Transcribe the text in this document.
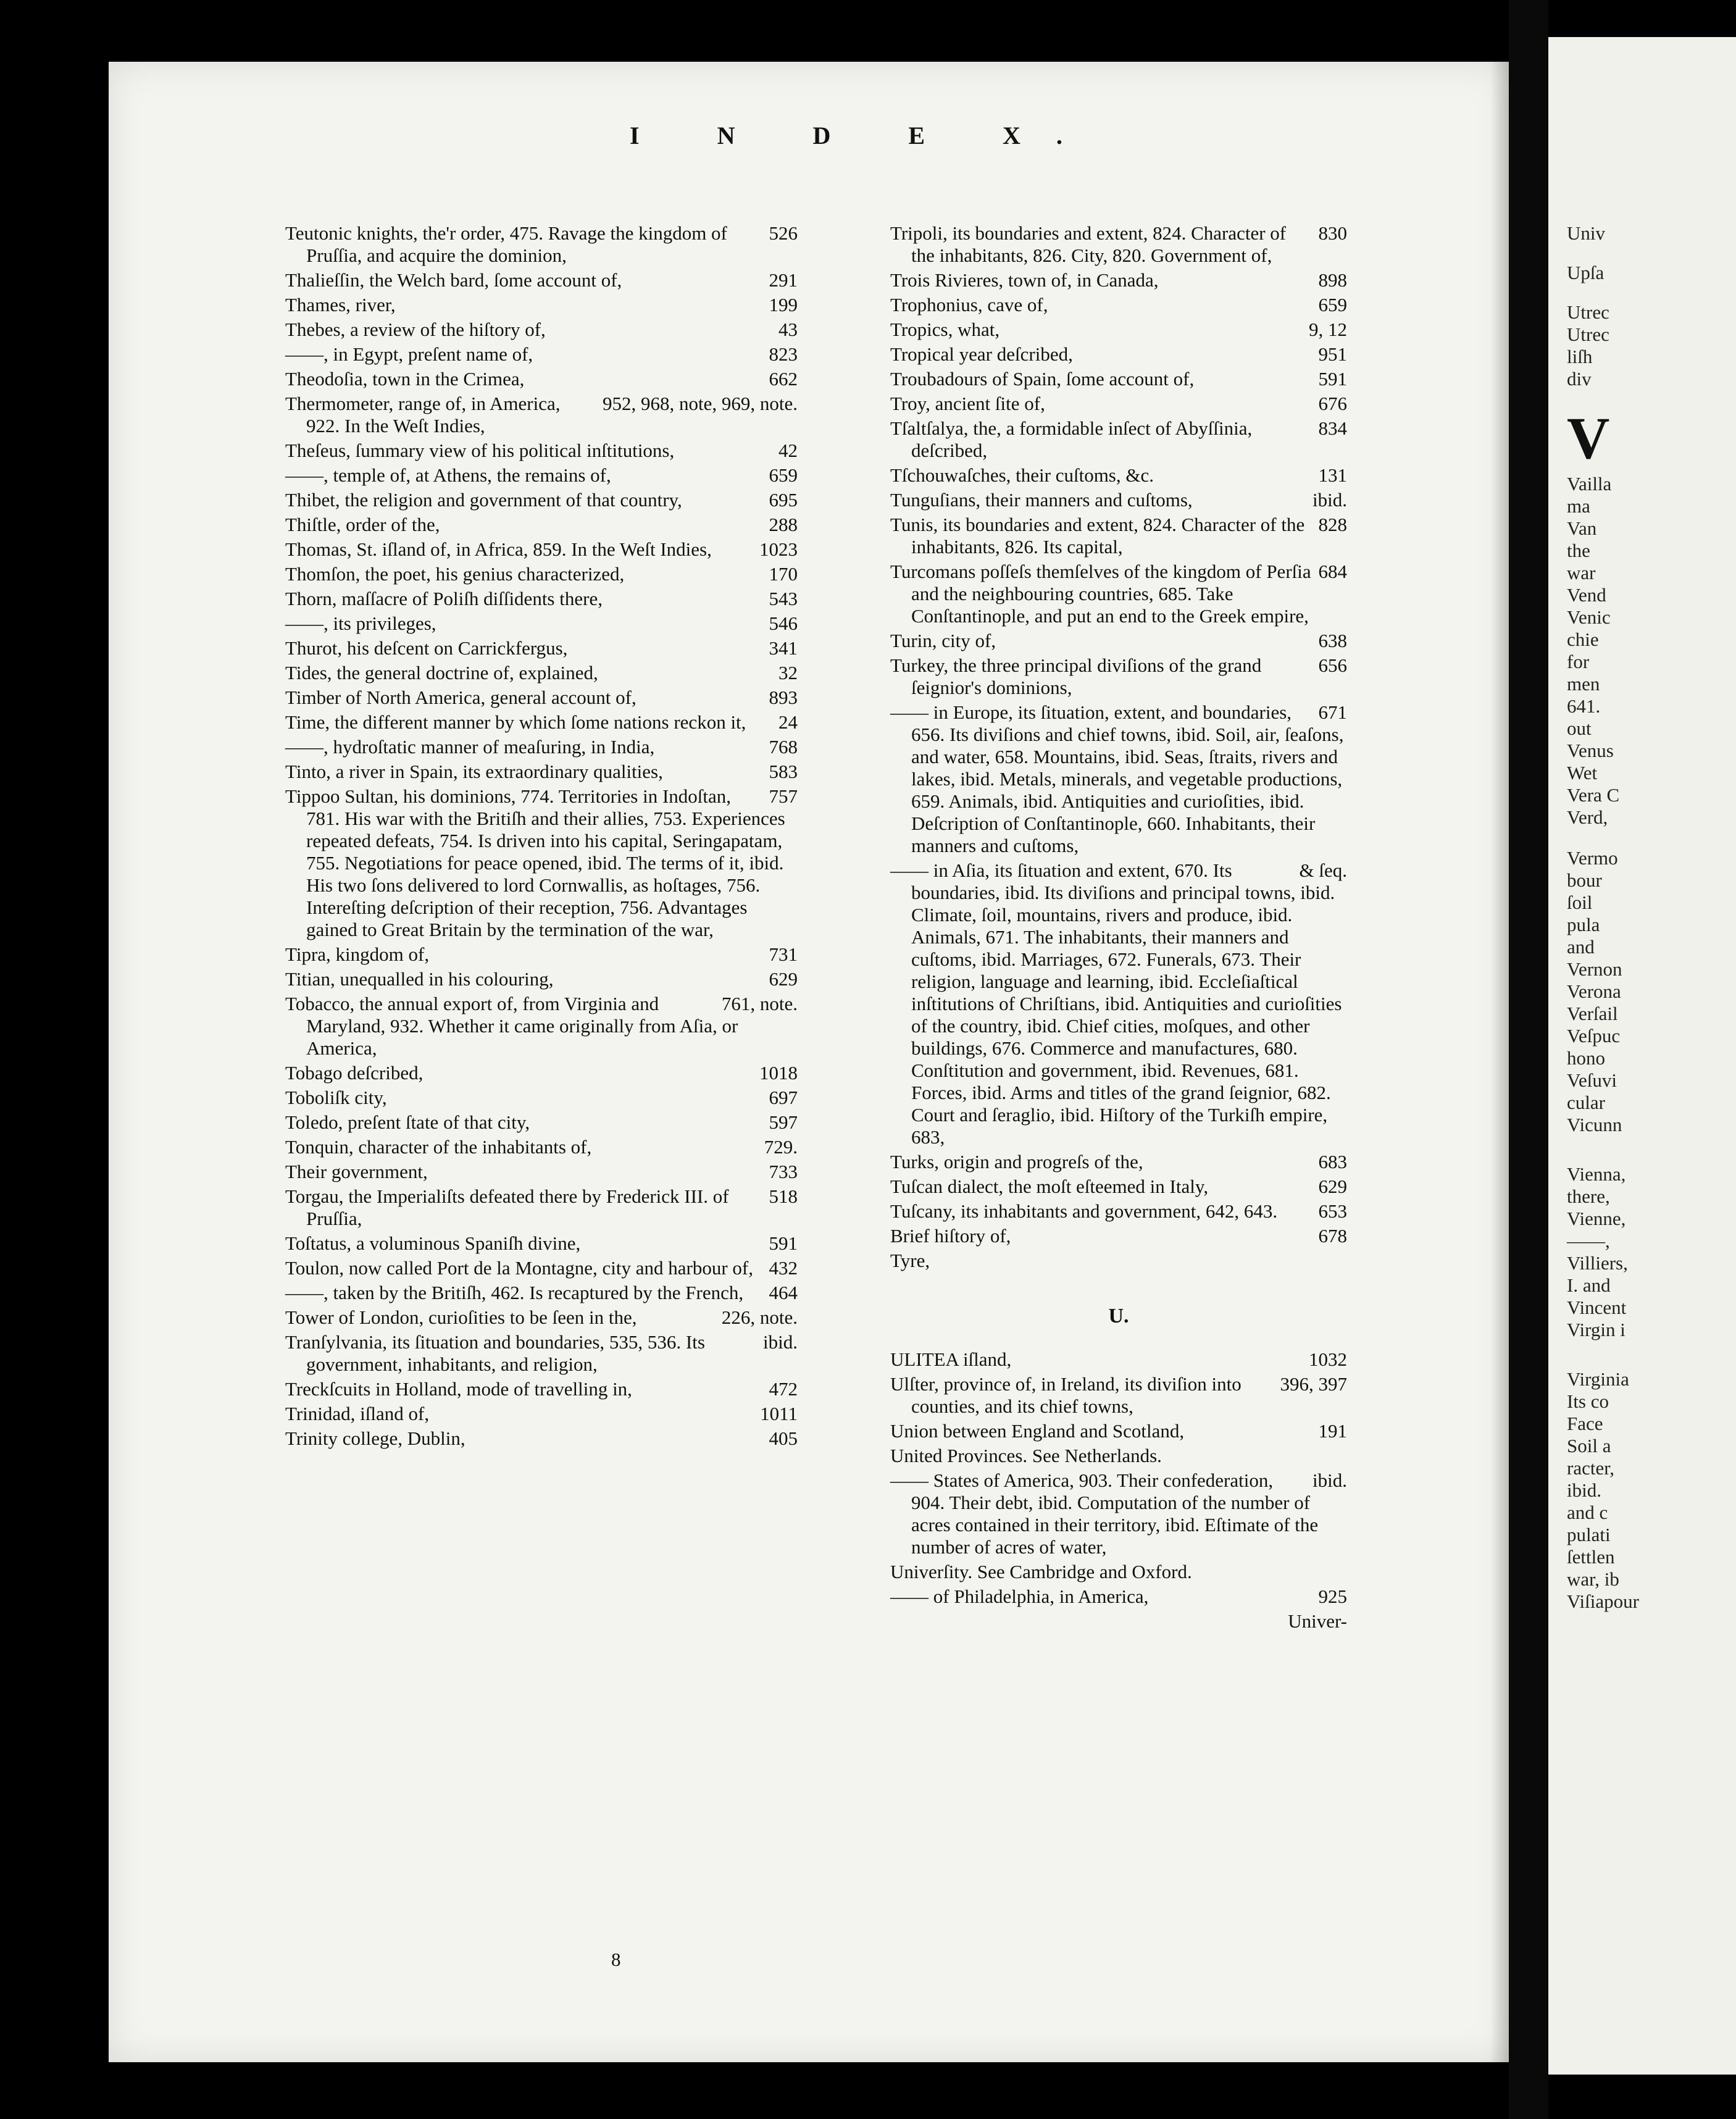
Univ
Upſa
Utrec
Utrec
liſh
div
V
Vailla
ma
Van
the
war
Vend
Venic
chie
for
men
641.
out
Venus
Wet
Vera C
Verd,
Vermo
bour
ſoil
pula
and
Vernon
Verona
Verſail
Veſpuc
hono
Veſuvi
cular
Vicunn
Vienna,
there,
Vienne,
——,
Villiers,
I. and
Vincent
Virgin i
Virginia
Its co
Face
Soil a
racter,
ibid.
and c
pulati
ſettlen
war, ib
Viſiapour
I N D E X.
526
Teutonic knights, the'r order, 475. Ravage the kingdom of Pruſſia, and acquire the dominion,
291
Thalieſſin, the Welch bard, ſome account of,
199
Thames, river,
43
Thebes, a review of the hiſtory of,
823
——, in Egypt, preſent name of,
662
Theodoſia, town in the Crimea,
952, 968, note, 969, note.
Thermometer, range of, in America, 922. In the Weſt Indies,
42
Theſeus, ſummary view of his political inſtitutions,
659
——, temple of, at Athens, the remains of,
695
Thibet, the religion and government of that country,
288
Thiſtle, order of the,
1023
Thomas, St. iſland of, in Africa, 859. In the Weſt Indies,
170
Thomſon, the poet, his genius characterized,
543
Thorn, maſſacre of Poliſh diſſidents there,
546
——, its privileges,
341
Thurot, his deſcent on Carrickfergus,
32
Tides, the general doctrine of, explained,
893
Timber of North America, general account of,
24
Time, the different manner by which ſome nations reckon it,
768
——, hydroſtatic manner of meaſuring, in India,
583
Tinto, a river in Spain, its extraordinary qualities,
757
Tippoo Sultan, his dominions, 774. Territories in Indoſtan, 781. His war with the Britiſh and their allies, 753. Experiences repeated defeats, 754. Is driven into his capital, Seringapatam, 755. Negotiations for peace opened, ibid. The terms of it, ibid. His two ſons delivered to lord Cornwallis, as hoſtages, 756. Intereſting deſcription of their reception, 756. Advantages gained to Great Britain by the termination of the war,
731
Tipra, kingdom of,
629
Titian, unequalled in his colouring,
761, note.
Tobacco, the annual export of, from Virginia and Maryland, 932. Whether it came originally from Aſia, or America,
1018
Tobago deſcribed,
697
Toboliſk city,
597
Toledo, preſent ſtate of that city,
729.
Tonquin, character of the inhabitants of,
733
Their government,
518
Torgau, the Imperialiſts defeated there by Frederick III. of Pruſſia,
591
Toſtatus, a voluminous Spaniſh divine,
432
Toulon, now called Port de la Montagne, city and harbour of,
464
——, taken by the Britiſh, 462. Is recaptured by the French,
226, note.
Tower of London, curioſities to be ſeen in the,
ibid.
Tranſylvania, its ſituation and boundaries, 535, 536. Its government, inhabitants, and religion,
472
Treckſcuits in Holland, mode of travelling in,
1011
Trinidad, iſland of,
405
Trinity college, Dublin,
830
Tripoli, its boundaries and extent, 824. Character of the inhabitants, 826. City, 820. Government of,
898
Trois Rivieres, town of, in Canada,
659
Trophonius, cave of,
9, 12
Tropics, what,
951
Tropical year deſcribed,
591
Troubadours of Spain, ſome account of,
676
Troy, ancient ſite of,
834
Tſaltſalya, the, a formidable inſect of Abyſſinia, deſcribed,
131
Tſchouwaſches, their cuſtoms, &c.
ibid.
Tunguſians, their manners and cuſtoms,
828
Tunis, its boundaries and extent, 824. Character of the inhabitants, 826. Its capital,
684
Turcomans poſſeſs themſelves of the kingdom of Perſia and the neighbouring countries, 685. Take Conſtantinople, and put an end to the Greek empire,
638
Turin, city of,
656
Turkey, the three principal diviſions of the grand ſeignior's dominions,
671
—— in Europe, its ſituation, extent, and boundaries, 656. Its diviſions and chief towns, ibid. Soil, air, ſeaſons, and water, 658. Mountains, ibid. Seas, ſtraits, rivers and lakes, ibid. Metals, minerals, and vegetable productions, 659. Animals, ibid. Antiquities and curioſities, ibid. Deſcription of Conſtantinople, 660. Inhabitants, their manners and cuſtoms,
& ſeq.
—— in Aſia, its ſituation and extent, 670. Its boundaries, ibid. Its diviſions and principal towns, ibid. Climate, ſoil, mountains, rivers and produce, ibid. Animals, 671. The inhabitants, their manners and cuſtoms, ibid. Marriages, 672. Funerals, 673. Their religion, language and learning, ibid. Eccleſiaſtical inſtitutions of Chriſtians, ibid. Antiquities and curioſities of the country, ibid. Chief cities, moſques, and other buildings, 676. Commerce and manufactures, 680. Conſtitution and government, ibid. Revenues, 681. Forces, ibid. Arms and titles of the grand ſeignior, 682. Court and ſeraglio, ibid. Hiſtory of the Turkiſh empire, 683,
683
Turks, origin and progreſs of the,
629
Tuſcan dialect, the moſt eſteemed in Italy,
653
Tuſcany, its inhabitants and government, 642, 643.
678
Brief hiſtory of,
Tyre,
U.
1032
ULITEA iſland,
396, 397
Ulſter, province of, in Ireland, its diviſion into counties, and its chief towns,
191
Union between England and Scotland,
United Provinces. See Netherlands.
ibid.
—— States of America, 903. Their confederation, 904. Their debt, ibid. Computation of the number of acres contained in their territory, ibid. Eſtimate of the number of acres of water,
Univerſity. See Cambridge and Oxford.
925
—— of Philadelphia, in America,
Univer-
8
